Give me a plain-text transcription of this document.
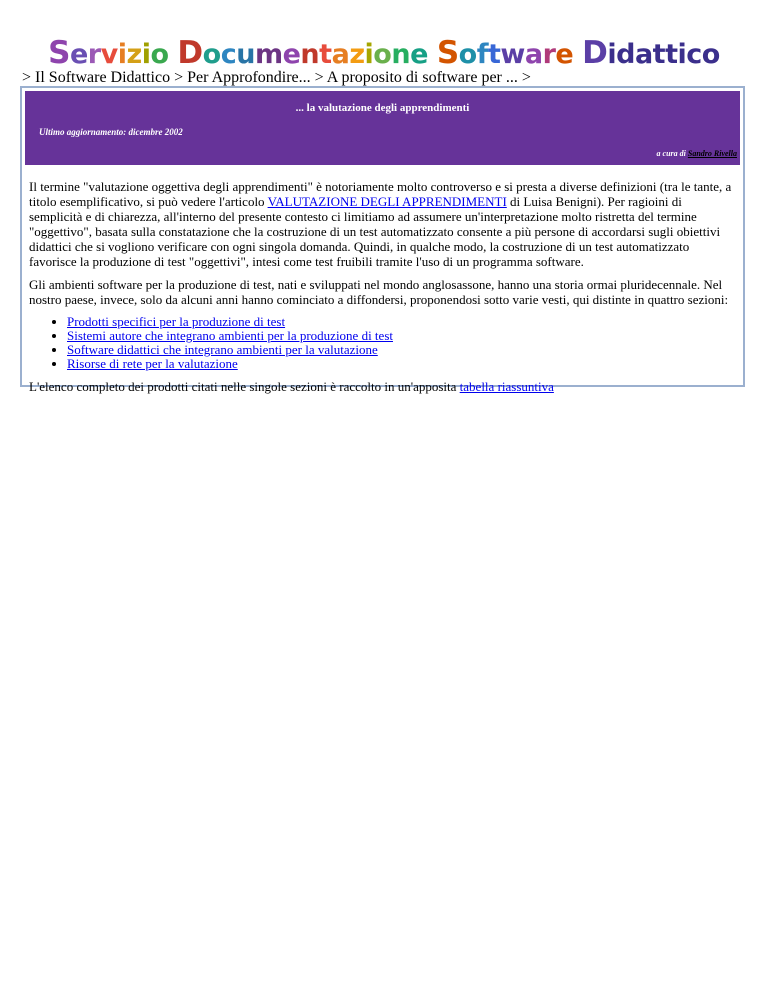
Servizio Documentazione Software Didattico
> Il Software Didattico > Per Approfondire... > A proposito di software per ... >
... la valutazione degli apprendimenti
Ultimo aggiornamento: dicembre 2002
a cura di Sandro Rivella

Il termine "valutazione oggettiva degli apprendimenti" è notoriamente molto controverso e si presta a diverse definizioni (tra le tante, a titolo esemplificativo, si può vedere l'articolo VALUTAZIONE DEGLI APPRENDIMENTI di Luisa Benigni). Per ragioini di semplicità e di chiarezza, all'interno del presente contesto ci limitiamo ad assumere un'interpretazione molto ristretta del termine "oggettivo", basata sulla constatazione che la costruzione di un test automatizzato consente a più persone di accordarsi sugli obiettivi didattici che si vogliono verificare con ogni singola domanda. Quindi, in qualche modo, la costruzione di un test automatizzato favorisce la produzione di test "oggettivi", intesi come test fruibili tramite l'uso di un programma software.

Gli ambienti software per la produzione di test, nati e sviluppati nel mondo anglosassone, hanno una storia ormai pluridecennale. Nel nostro paese, invece, solo da alcuni anni hanno cominciato a diffondersi, proponendosi sotto varie vesti, qui distinte in quattro sezioni:

• Prodotti specifici per la produzione di test
• Sistemi autore che integrano ambienti per la produzione di test
• Software didattici che integrano ambienti per la valutazione
• Risorse di rete per la valutazione

L'elenco completo dei prodotti citati nelle singole sezioni è raccolto in un'apposita tabella riassuntiva
